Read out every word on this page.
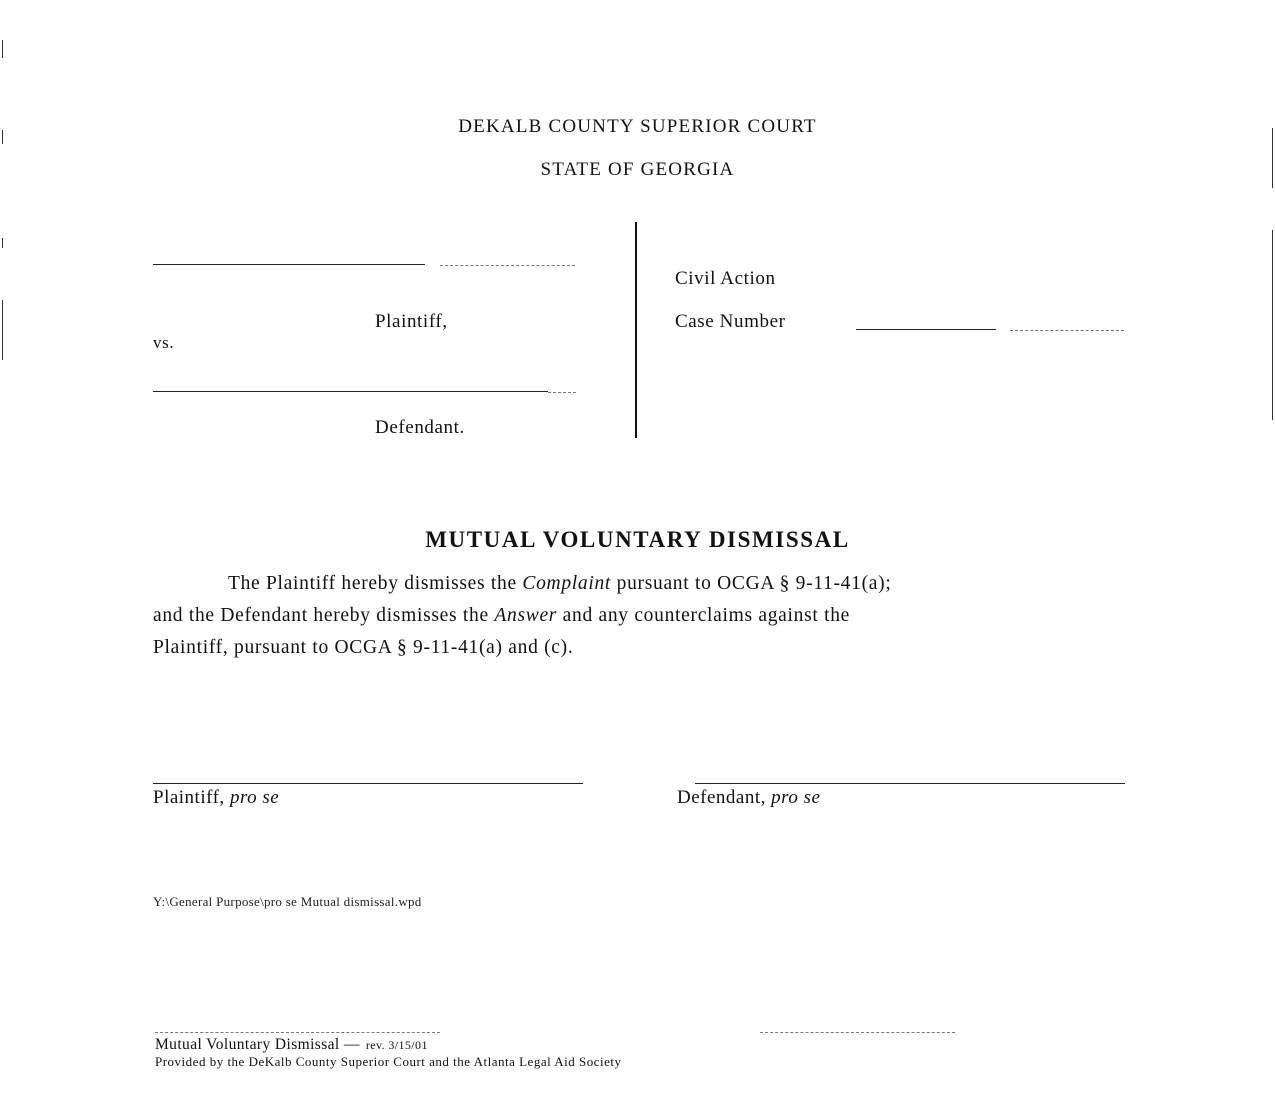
DEKALB COUNTY SUPERIOR COURT
STATE OF GEORGIA
Plaintiff,
vs.
Defendant.
Civil Action
Case Number
MUTUAL VOLUNTARY DISMISSAL
The Plaintiff hereby dismisses the Complaint pursuant to OCGA § 9-11-41(a);
and the Defendant hereby dismisses the Answer and any counterclaims against the
Plaintiff, pursuant to OCGA § 9-11-41(a) and (c).
Plaintiff, pro se	Defendant, pro se
Y:\General Purpose\pro se Mutual dismissal.wpd
Mutual Voluntary Dismissal — rev. 3/15/01
Provided by the DeKalb County Superior Court and the Atlanta Legal Aid Society
